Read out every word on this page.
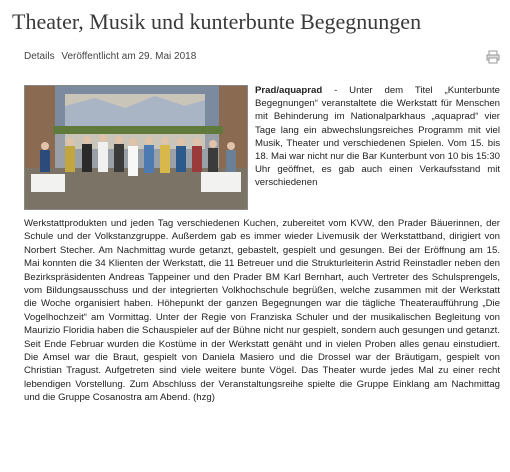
Theater, Musik und kunterbunte Begegnungen
Details Veröffentlicht am 29. Mai 2018
Prad/aquaprad - Unter dem Titel „Kunterbunte Begegnungen“ veranstaltete die Werkstatt für Menschen mit Behinderung im Nationalparkhaus „aquaprad“ vier Tage lang ein abwechslungsreiches Programm mit viel Musik, Theater und verschiedenen Spielen. Vom 15. bis 18. Mai war nicht nur die Bar Kunterbunt von 10 bis 15:30 Uhr geöffnet, es gab auch einen Verkaufsstand mit verschiedenen
Werkstattprodukten und jeden Tag verschiedenen Kuchen, zubereitet vom KVW, den Prader Bäuerinnen, der Schule und der Volkstanzgruppe. Außerdem gab es immer wieder Livemusik der Werkstattband, dirigiert von Norbert Stecher. Am Nachmittag wurde getanzt, gebastelt, gespielt und gesungen. Bei der Eröffnung am 15. Mai konnten die 34 Klienten der Werkstatt, die 11 Betreuer und die Strukturleiterin Astrid Reinstadler neben den Bezirkspräsidenten Andreas Tappeiner und den Prader BM Karl Bernhart, auch Vertreter des Schulsprengels, vom Bildungsausschuss und der integrierten Volkhochschule begrüßen, welche zusammen mit der Werkstatt die Woche organisiert haben. Höhepunkt der ganzen Begegnungen war die tägliche Theateraufführung „Die Vogelhochzeit“ am Vormittag. Unter der Regie von Franziska Schuler und der musikalischen Begleitung von Maurizio Floridia haben die Schauspieler auf der Bühne nicht nur gespielt, sondern auch gesungen und getanzt. Seit Ende Februar wurden die Kostüme in der Werkstatt genäht und in vielen Proben alles genau einstudiert. Die Amsel war die Braut, gespielt von Daniela Masiero und die Drossel war der Bräutigam, gespielt von Christian Tragust. Aufgetreten sind viele weitere bunte Vögel. Das Theater wurde jedes Mal zu einer recht lebendigen Vorstellung. Zum Abschluss der Veranstaltungsreihe spielte die Gruppe Einklang am Nachmittag und die Gruppe Cosanostra am Abend. (hzg)
